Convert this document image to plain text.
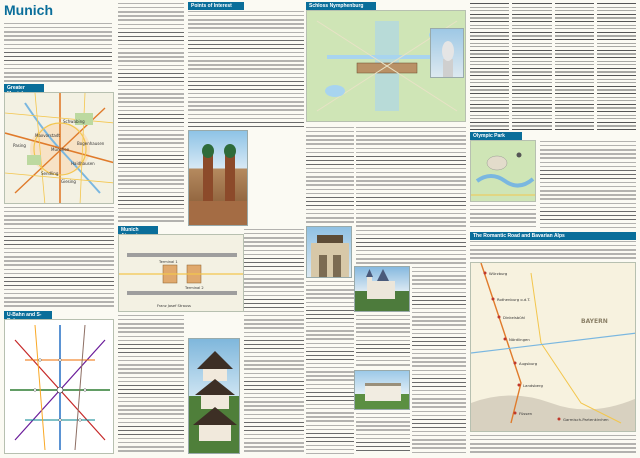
Munich
Greater
München
Schwabing
Bogenhausen
Haidhausen
Sendling
Pasing
Giesing
Maxvorstadt
U-Bahn and S-
Munich
Terminal 1
Terminal 2
Franz Josef Strauss
Points of Interest	Schloss Nymphenburg
Olympic Park
The Romantic Road and Bavarian Alps
Würzburg
Rothenburg o.d.T.
Dinkelsbühl
Nördlingen
Augsburg
Landsberg
Füssen
Garmisch-Partenkirchen
BAYERN
